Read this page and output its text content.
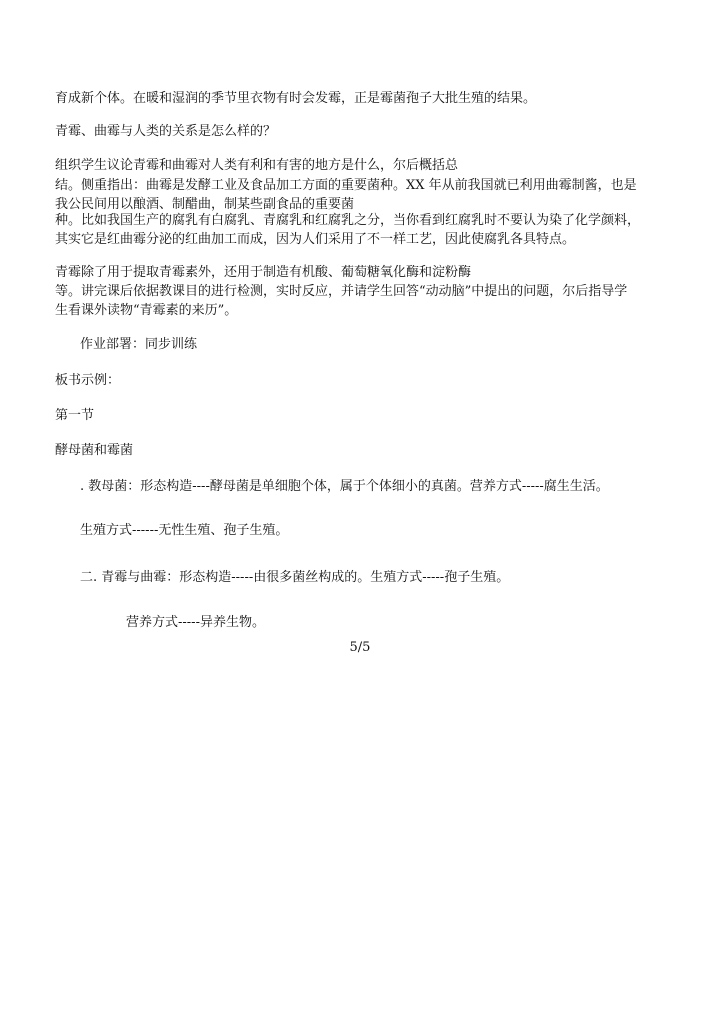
育成新个体。在暖和湿润的季节里衣物有时会发霉，正是霉菌孢子大批生殖的结果。
青霉、曲霉与人类的关系是怎么样的？
组织学生议论青霉和曲霉对人类有利和有害的地方是什么，尔后概括总
结。侧重指出：曲霉是发酵工业及食品加工方面的重要菌种。XX 年从前我国就已利用曲霉制酱，也是
我公民间用以酿酒、制醋曲，制某些副食品的重要菌
种。比如我国生产的腐乳有白腐乳、青腐乳和红腐乳之分，当你看到红腐乳时不要认为染了化学颜料，
其实它是红曲霉分泌的红曲加工而成，因为人们采用了不一样工艺，因此使腐乳各具特点。
青霉除了用于提取青霉素外，还用于制造有机酸、葡萄糖氧化酶和淀粉酶
等。讲完课后依据教课目的进行检测，实时反应，并请学生回答“动动脑”中提出的问题，尔后指导学
生看课外读物“青霉素的来历”。
作业部署：同步训练
板书示例：
第一节
酵母菌和霉菌
. 教母菌：形态构造----酵母菌是单细胞个体，属于个体细小的真菌。营养方式-----腐生生活。
生殖方式------无性生殖、孢子生殖。
二. 青霉与曲霉：形态构造-----由很多菌丝构成的。生殖方式-----孢子生殖。
营养方式-----异养生物。
5/5
